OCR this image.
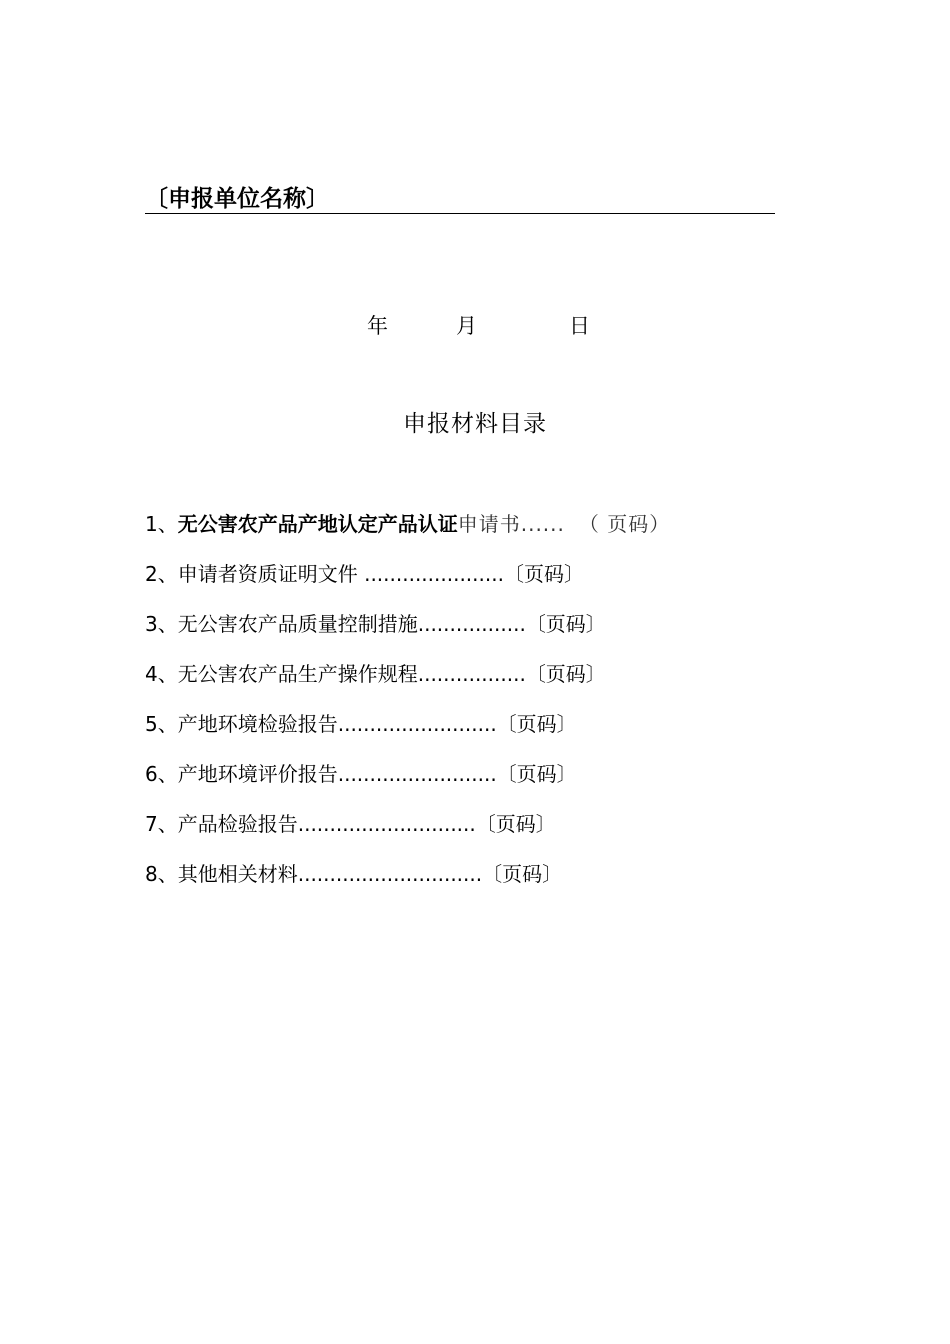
〔申报单位名称〕
年	月	日
申报材料目录
1、无公害农产品产地认定产品认证申请书...... （ 页码）
2、申请者资质证明文件 ......................〔页码〕
3、无公害农产品质量控制措施.................〔页码〕
4、无公害农产品生产操作规程.................〔页码〕
5、产地环境检验报告.........................〔页码〕
6、产地环境评价报告.........................〔页码〕
7、产品检验报告............................〔页码〕
8、其他相关材料.............................〔页码〕
